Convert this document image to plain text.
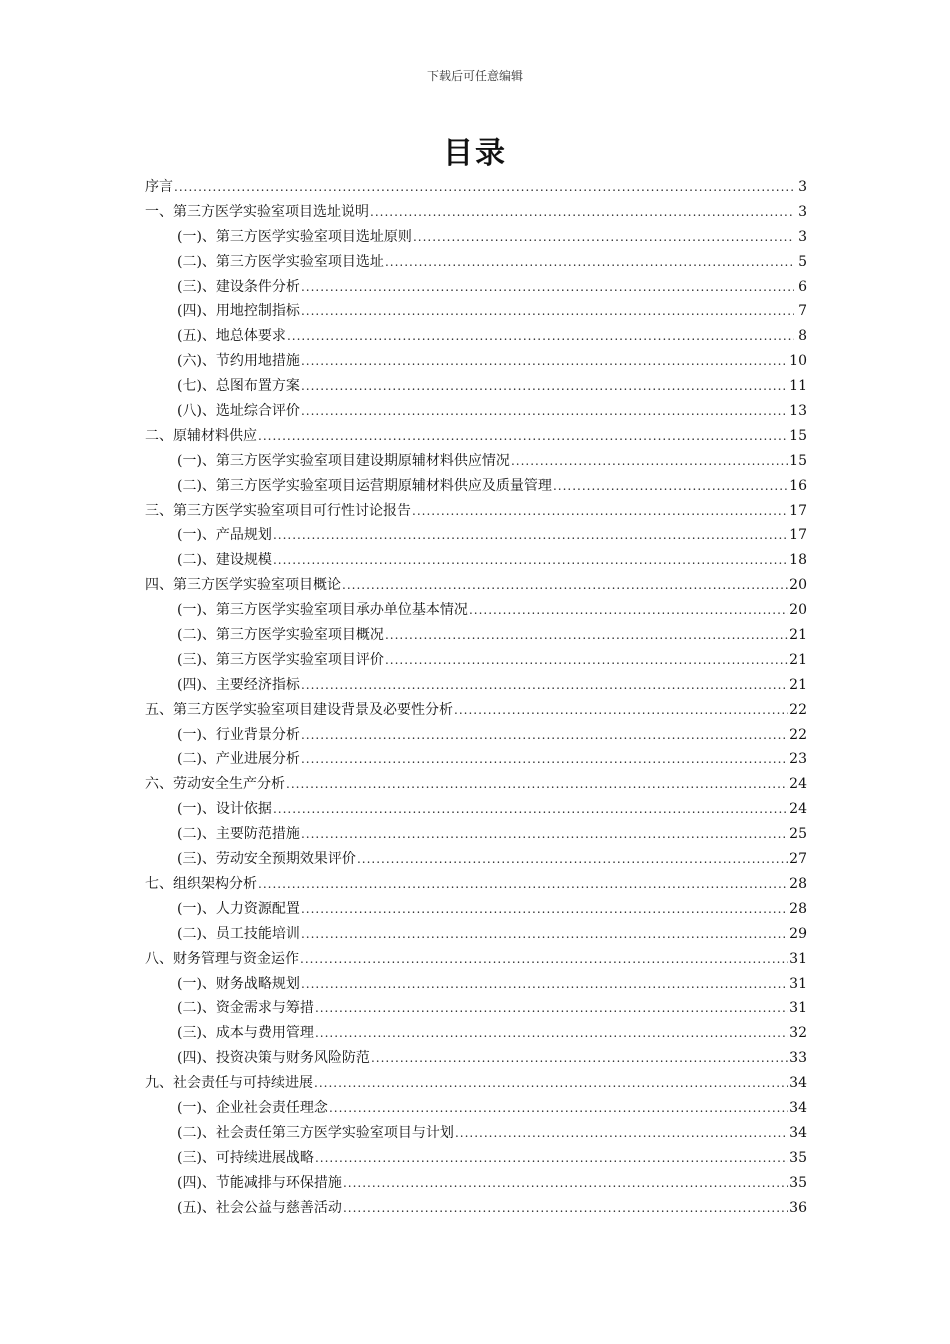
下载后可任意编辑
目录
序言 .....	3
一、第三方医学实验室项目选址说明 .....	3
(一)、第三方医学实验室项目选址原则 .....	3
(二)、第三方医学实验室项目选址 .....	5
(三)、建设条件分析 .....	6
(四)、用地控制指标 .....	7
(五)、地总体要求 .....	8
(六)、节约用地措施 .....	10
(七)、总图布置方案 .....	11
(八)、选址综合评价 .....	13
二、原辅材料供应 .....	15
(一)、第三方医学实验室项目建设期原辅材料供应情况 .....	15
(二)、第三方医学实验室项目运营期原辅材料供应及质量管理 .....	16
三、第三方医学实验室项目可行性讨论报告 .....	17
(一)、产品规划 .....	17
(二)、建设规模 .....	18
四、第三方医学实验室项目概论 .....	20
(一)、第三方医学实验室项目承办单位基本情况 .....	20
(二)、第三方医学实验室项目概况 .....	21
(三)、第三方医学实验室项目评价 .....	21
(四)、主要经济指标 .....	21
五、第三方医学实验室项目建设背景及必要性分析 .....	22
(一)、行业背景分析 .....	22
(二)、产业进展分析 .....	23
六、劳动安全生产分析 .....	24
(一)、设计依据 .....	24
(二)、主要防范措施 .....	25
(三)、劳动安全预期效果评价 .....	27
七、组织架构分析 .....	28
(一)、人力资源配置 .....	28
(二)、员工技能培训 .....	29
八、财务管理与资金运作 .....	31
(一)、财务战略规划 .....	31
(二)、资金需求与筹措 .....	31
(三)、成本与费用管理 .....	32
(四)、投资决策与财务风险防范 .....	33
九、社会责任与可持续进展 .....	34
(一)、企业社会责任理念 .....	34
(二)、社会责任第三方医学实验室项目与计划 .....	34
(三)、可持续进展战略 .....	35
(四)、节能减排与环保措施 .....	35
(五)、社会公益与慈善活动 .....	36
